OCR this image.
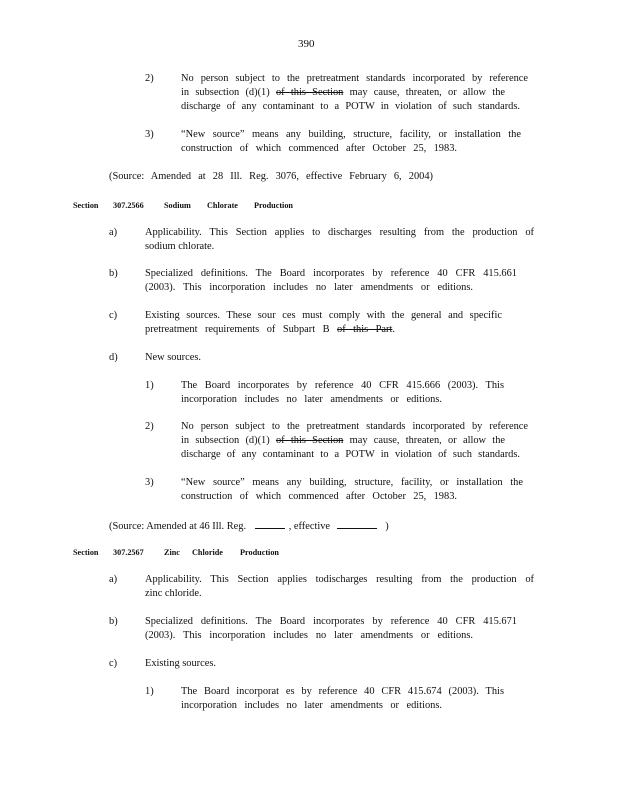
390
2)	No person subject to the pretreatment standards incorporated by reference
in subsection (d)(1) of this Section may cause, threaten, or allow the
discharge of any contaminant to a POTW in violation of such standards.
3)	“New source” means any building, structure, facility, or installation the
construction of which commenced after October 25, 1983.
(Source: Amended at 28 Ill. Reg. 3076, effective February 6, 2004)
Section 307.2566 Sodium Chlorate Production
a)	Applicability. This Section applies to discharges resulting from the production of
sodium chlorate.
b)	Specialized definitions. The Board incorporates by reference 40 CFR 415.661
(2003). This incorporation includes no later amendments or editions.
c)	Existing sources. These sour ces must comply with the general and specific
pretreatment requirements of Subpart B of this Part.
d)	New sources.
1)	The Board incorporates by reference 40 CFR 415.666 (2003). This
incorporation includes no later amendments or editions.
2)	No person subject to the pretreatment standards incorporated by reference
in subsection (d)(1) of this Section may cause, threaten, or allow the
discharge of any contaminant to a POTW in violation of such standards.
3)	“New source” means any building, structure, facility, or installation the
construction of which commenced after October 25, 1983.
(Source: Amended at 46 Ill. Reg.	, effective	)
Section 307.2567 Zinc Chloride Production
a)	Applicability. This Section applies todischarges resulting from the production of
zinc chloride.
b)	Specialized definitions. The Board incorporates by reference 40 CFR 415.671
(2003). This incorporation includes no later amendments or editions.
c)	Existing sources.
1)	The Board incorporat es by reference 40 CFR 415.674 (2003). This
incorporation includes no later amendments or editions.
